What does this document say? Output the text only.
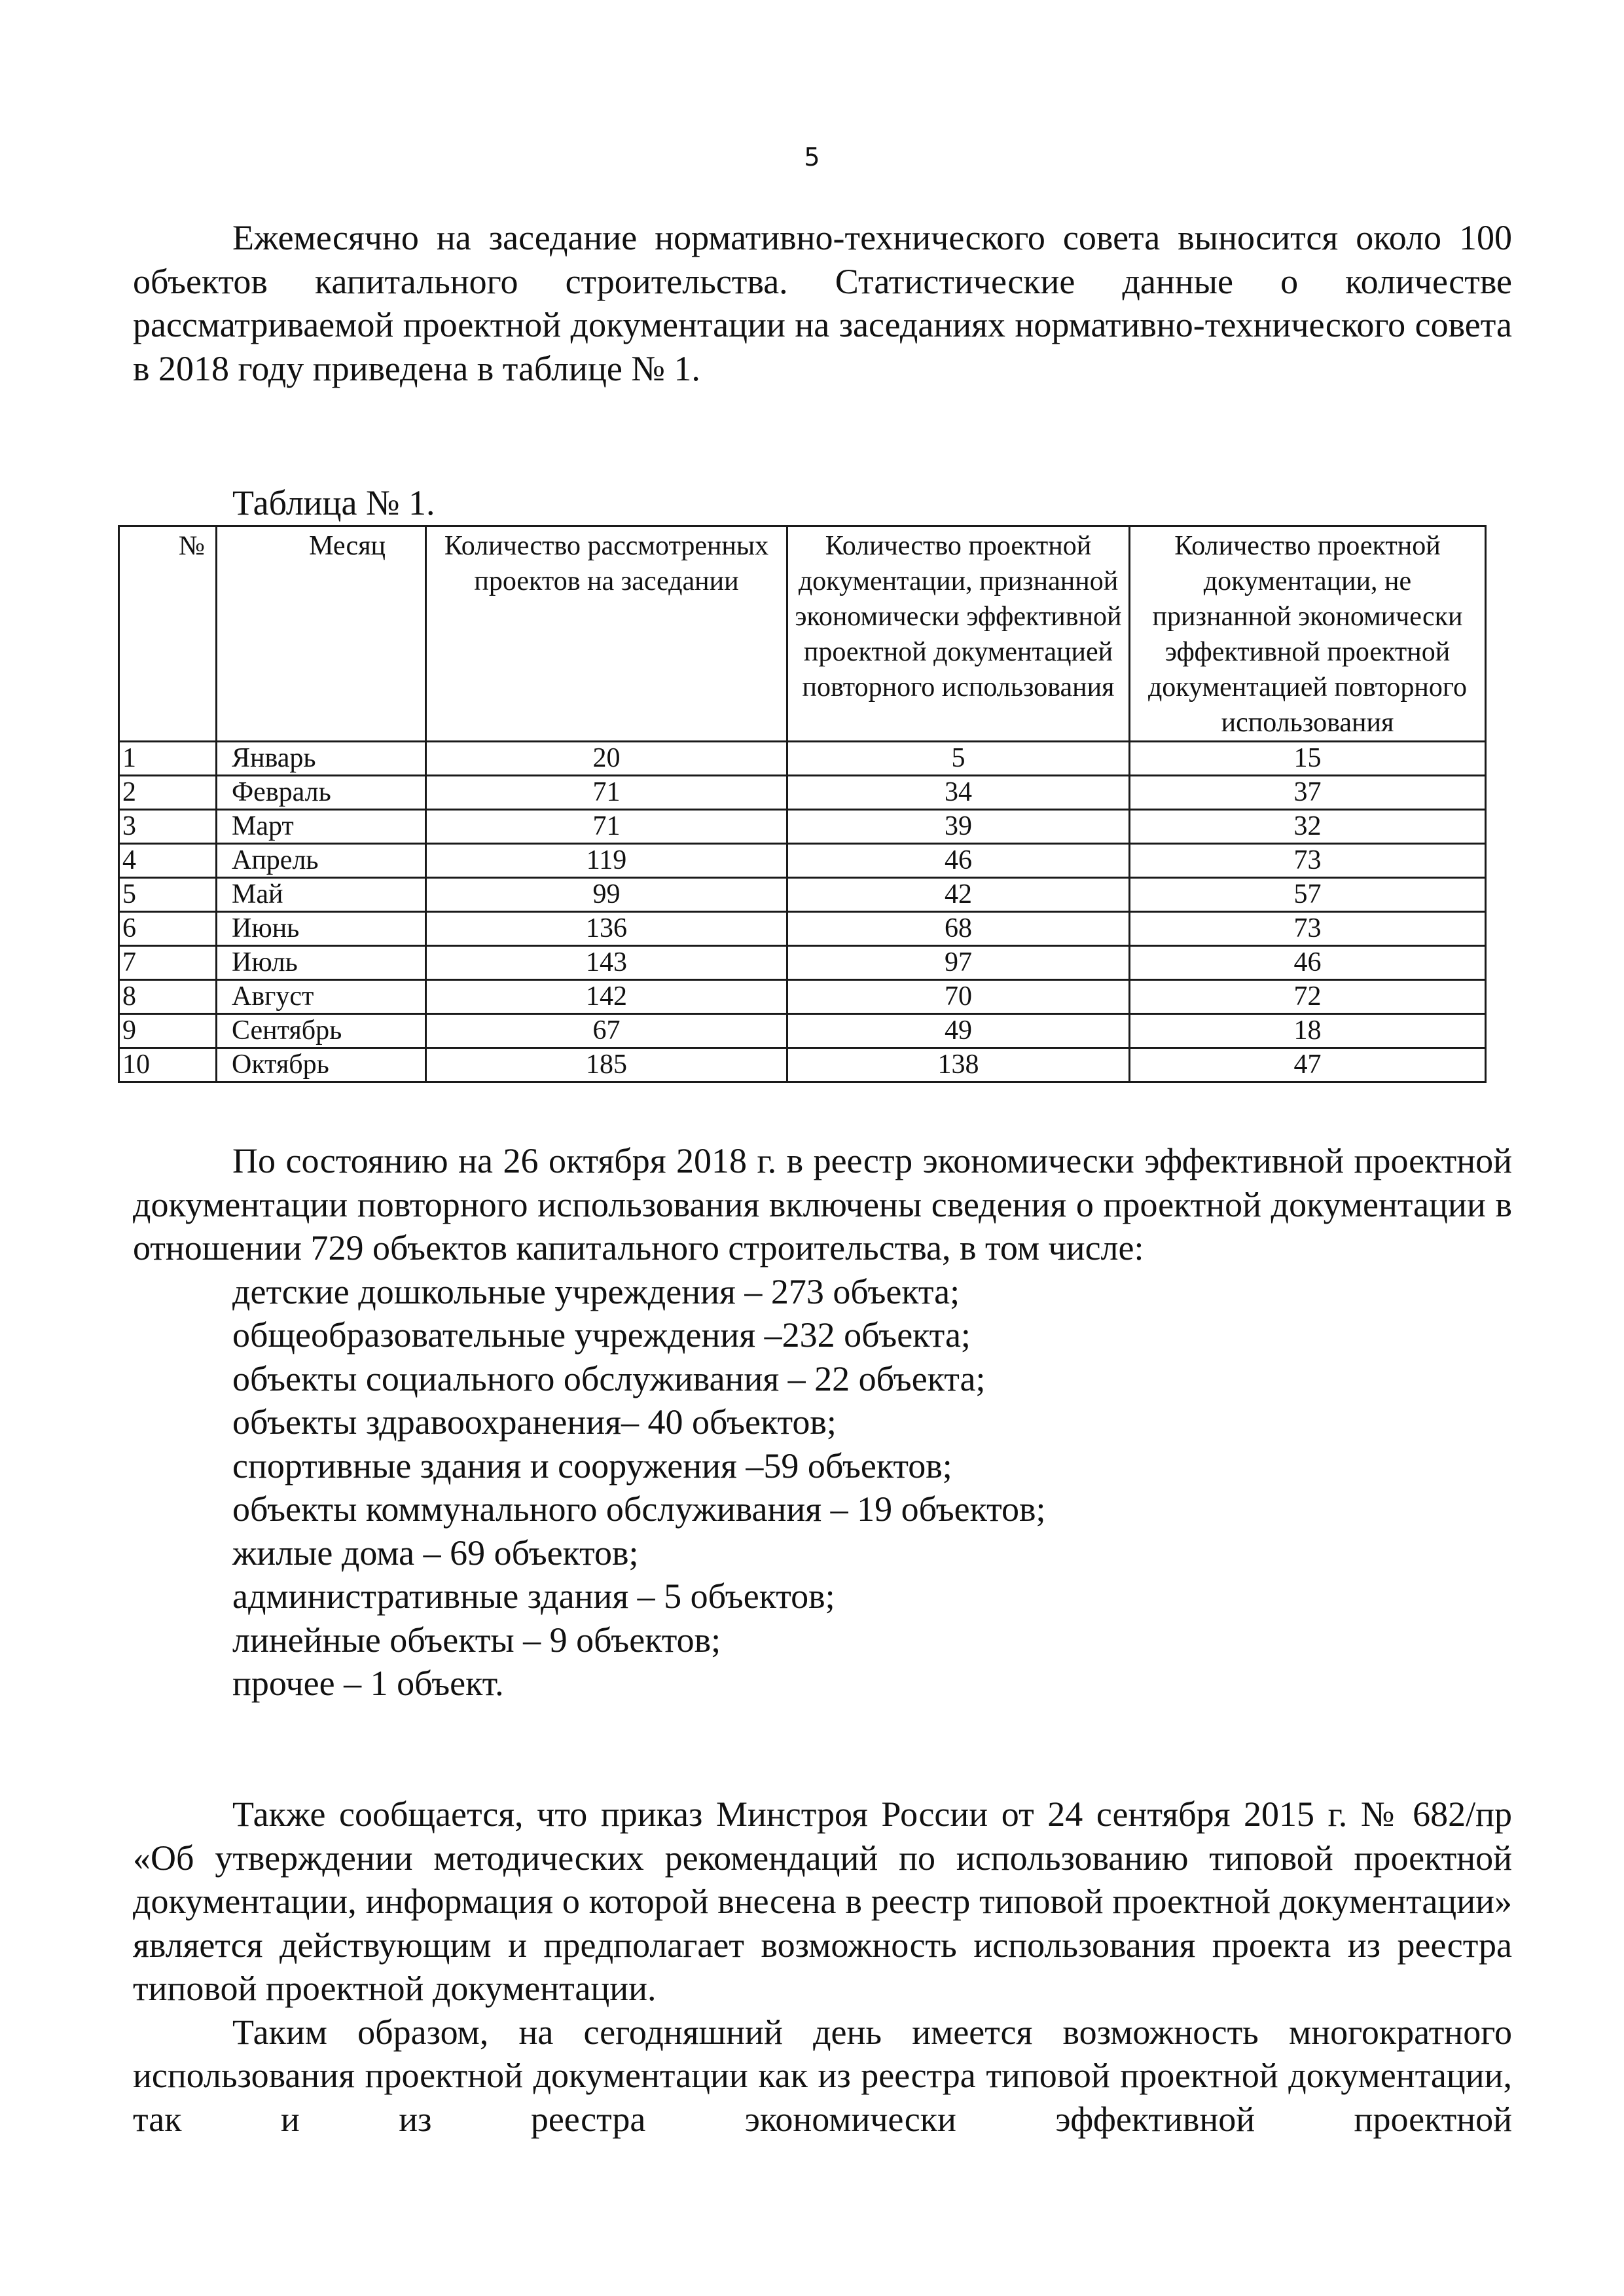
5

Ежемесячно на заседание нормативно-технического совета выносится около 100 объектов капитального строительства. Статистические данные о количестве рассматриваемой проектной документации на заседаниях нормативно-технического совета в 2018 году приведена в таблице № 1.

Таблица № 1.
№	Месяц	Количество рассмотренных проектов на заседании	Количество проектной документации, признанной экономически эффективной проектной документацией повторного использования	Количество проектной документации, не признанной экономически эффективной проектной документацией повторного использования

1	Январь	20	5	15
2	Февраль	71	34	37
3	Март	71	39	32
4	Апрель	119	46	73
5	Май	99	42	57
6	Июнь	136	68	73
7	Июль	143	97	46
8	Август	142	70	72
9	Сентябрь	67	49	18
10	Октябрь	185	138	47

По состоянию на 26 октября 2018 г. в реестр экономически эффективной проектной документации повторного использования включены сведения о проектной документации в отношении 729 объектов капитального строительства, в том числе:

детские дошкольные учреждения – 273 объекта;
общеобразовательные учреждения –232 объекта;
объекты социального обслуживания – 22 объекта;
объекты здравоохранения– 40 объектов;
спортивные здания и сооружения –59 объектов;
объекты коммунального обслуживания – 19 объектов;
жилые дома – 69 объектов;
административные здания – 5 объектов;
линейные объекты – 9 объектов;
прочее – 1 объект.

Также сообщается, что приказ Минстроя России от 24 сентября 2015 г. № 682/пр «Об утверждении методических рекомендаций по использованию типовой проектной документации, информация о которой внесена в реестр типовой проектной документации» является действующим и предполагает возможность использования проекта из реестра типовой проектной документации.

Таким образом, на сегодняшний день имеется возможность многократного использования проектной документации как из реестра типовой проектной документации, так и из реестра экономически эффективной проектной
